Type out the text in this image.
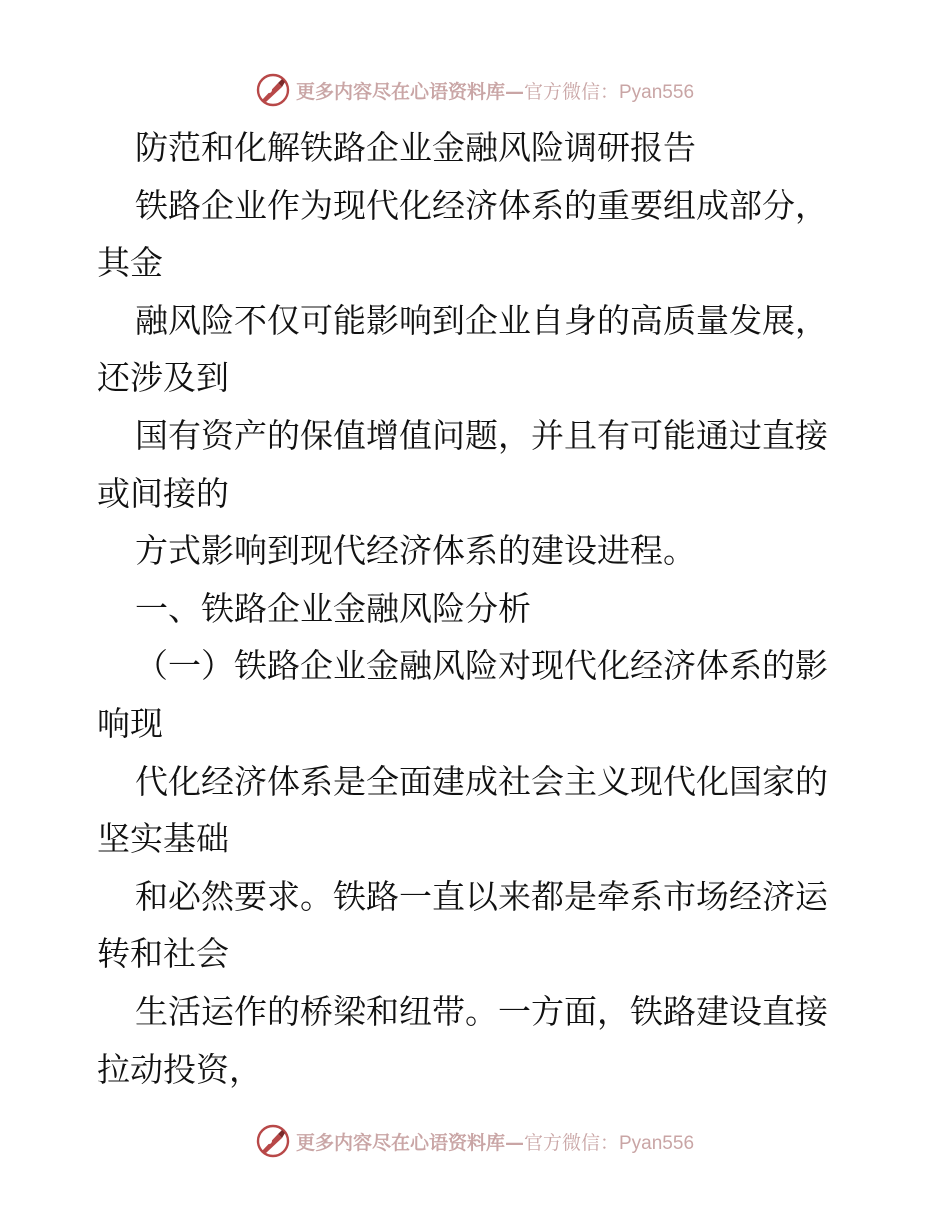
更多内容尽在心语资料库— 官方微信：Pyan556
防范和化解铁路企业金融风险调研报告
铁路企业作为现代化经济体系的重要组成部分，
其金
融风险不仅可能影响到企业自身的高质量发展，
还涉及到
国有资产的保值增值问题，并且有可能通过直接
或间接的
方式影响到现代经济体系的建设进程。
一、铁路企业金融风险分析
（一）铁路企业金融风险对现代化经济体系的影
响现
代化经济体系是全面建成社会主义现代化国家的
坚实基础
和必然要求。铁路一直以来都是牵系市场经济运
转和社会
生活运作的桥梁和纽带。一方面，铁路建设直接
拉动投资，
更多内容尽在心语资料库— 官方微信：Pyan556
